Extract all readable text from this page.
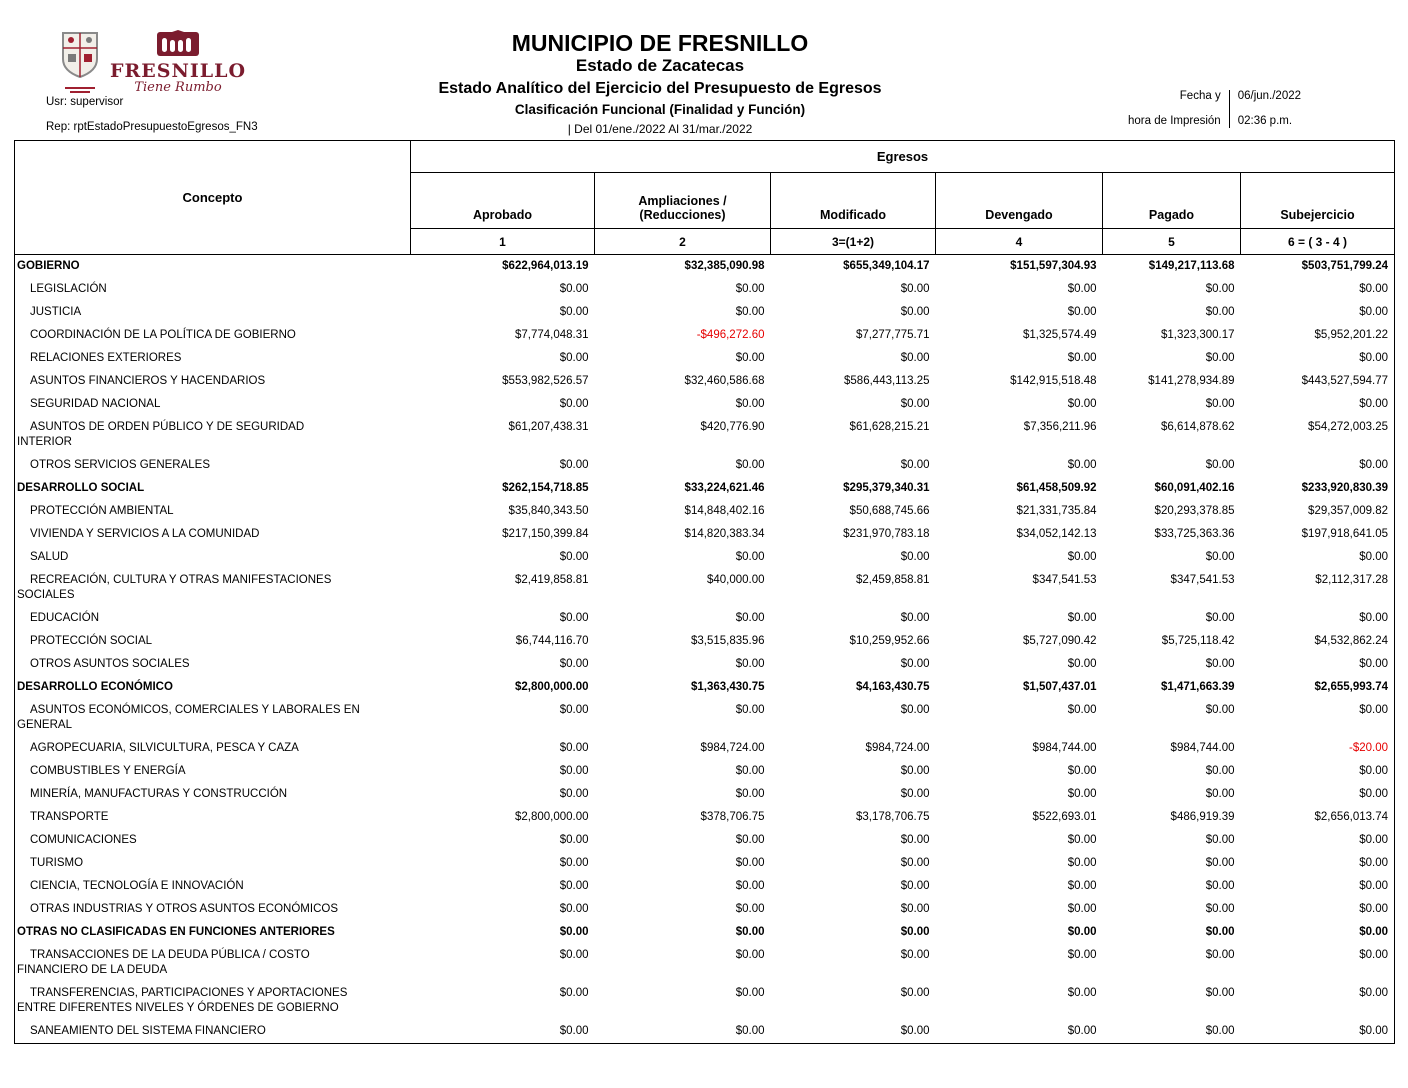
FRESNILLO
Tiene Rumbo
MUNICIPIO DE FRESNILLO
Estado de Zacatecas
Estado Analítico del Ejercicio del Presupuesto de Egresos
Clasificación Funcional (Finalidad y Función)
| Del 01/ene./2022 Al 31/mar./2022
Usr: supervisor
Rep: rptEstadoPresupuestoEgresos_FN3
Fecha y
hora de Impresión
06/jun./2022
02:36 p.m.
Concepto	Egresos					
	Aprobado	Ampliaciones / (Reducciones)	Modificado	Devengado	Pagado	Subejercicio
	1	2	3=(1+2)	4	5	6 = ( 3 - 4 )

GOBIERNO	$622,964,013.19	$32,385,090.98	$655,349,104.17	$151,597,304.93	$149,217,113.68	$503,751,799.24

LEGISLACIÓN	$0.00	$0.00	$0.00	$0.00	$0.00	$0.00

JUSTICIA	$0.00	$0.00	$0.00	$0.00	$0.00	$0.00

COORDINACIÓN DE LA POLÍTICA DE GOBIERNO	$7,774,048.31	-$496,272.60	$7,277,775.71	$1,325,574.49	$1,323,300.17	$5,952,201.22

RELACIONES EXTERIORES	$0.00	$0.00	$0.00	$0.00	$0.00	$0.00

ASUNTOS FINANCIEROS Y HACENDARIOS	$553,982,526.57	$32,460,586.68	$586,443,113.25	$142,915,518.48	$141,278,934.89	$443,527,594.77

SEGURIDAD NACIONAL	$0.00	$0.00	$0.00	$0.00	$0.00	$0.00

ASUNTOS DE ORDEN PÚBLICO Y DE SEGURIDAD INTERIOR	$61,207,438.31	$420,776.90	$61,628,215.21	$7,356,211.96	$6,614,878.62	$54,272,003.25

OTROS SERVICIOS GENERALES	$0.00	$0.00	$0.00	$0.00	$0.00	$0.00

DESARROLLO SOCIAL	$262,154,718.85	$33,224,621.46	$295,379,340.31	$61,458,509.92	$60,091,402.16	$233,920,830.39

PROTECCIÓN AMBIENTAL	$35,840,343.50	$14,848,402.16	$50,688,745.66	$21,331,735.84	$20,293,378.85	$29,357,009.82

VIVIENDA Y SERVICIOS A LA COMUNIDAD	$217,150,399.84	$14,820,383.34	$231,970,783.18	$34,052,142.13	$33,725,363.36	$197,918,641.05

SALUD	$0.00	$0.00	$0.00	$0.00	$0.00	$0.00

RECREACIÓN, CULTURA Y OTRAS MANIFESTACIONES SOCIALES	$2,419,858.81	$40,000.00	$2,459,858.81	$347,541.53	$347,541.53	$2,112,317.28

EDUCACIÓN	$0.00	$0.00	$0.00	$0.00	$0.00	$0.00

PROTECCIÓN SOCIAL	$6,744,116.70	$3,515,835.96	$10,259,952.66	$5,727,090.42	$5,725,118.42	$4,532,862.24

OTROS ASUNTOS SOCIALES	$0.00	$0.00	$0.00	$0.00	$0.00	$0.00

DESARROLLO ECONÓMICO	$2,800,000.00	$1,363,430.75	$4,163,430.75	$1,507,437.01	$1,471,663.39	$2,655,993.74

ASUNTOS ECONÓMICOS, COMERCIALES Y LABORALES EN GENERAL	$0.00	$0.00	$0.00	$0.00	$0.00	$0.00

AGROPECUARIA, SILVICULTURA, PESCA Y CAZA	$0.00	$984,724.00	$984,724.00	$984,744.00	$984,744.00	-$20.00

COMBUSTIBLES Y ENERGÍA	$0.00	$0.00	$0.00	$0.00	$0.00	$0.00

MINERÍA, MANUFACTURAS Y CONSTRUCCIÓN	$0.00	$0.00	$0.00	$0.00	$0.00	$0.00

TRANSPORTE	$2,800,000.00	$378,706.75	$3,178,706.75	$522,693.01	$486,919.39	$2,656,013.74

COMUNICACIONES	$0.00	$0.00	$0.00	$0.00	$0.00	$0.00

TURISMO	$0.00	$0.00	$0.00	$0.00	$0.00	$0.00

CIENCIA, TECNOLOGÍA E INNOVACIÓN	$0.00	$0.00	$0.00	$0.00	$0.00	$0.00

OTRAS INDUSTRIAS Y OTROS ASUNTOS ECONÓMICOS	$0.00	$0.00	$0.00	$0.00	$0.00	$0.00

OTRAS NO CLASIFICADAS EN FUNCIONES ANTERIORES	$0.00	$0.00	$0.00	$0.00	$0.00	$0.00

TRANSACCIONES DE LA DEUDA PÚBLICA / COSTO FINANCIERO DE LA DEUDA	$0.00	$0.00	$0.00	$0.00	$0.00	$0.00

TRANSFERENCIAS, PARTICIPACIONES Y APORTACIONES ENTRE DIFERENTES NIVELES Y ÓRDENES DE GOBIERNO	$0.00	$0.00	$0.00	$0.00	$0.00	$0.00

SANEAMIENTO DEL SISTEMA FINANCIERO	$0.00	$0.00	$0.00	$0.00	$0.00	$0.00
